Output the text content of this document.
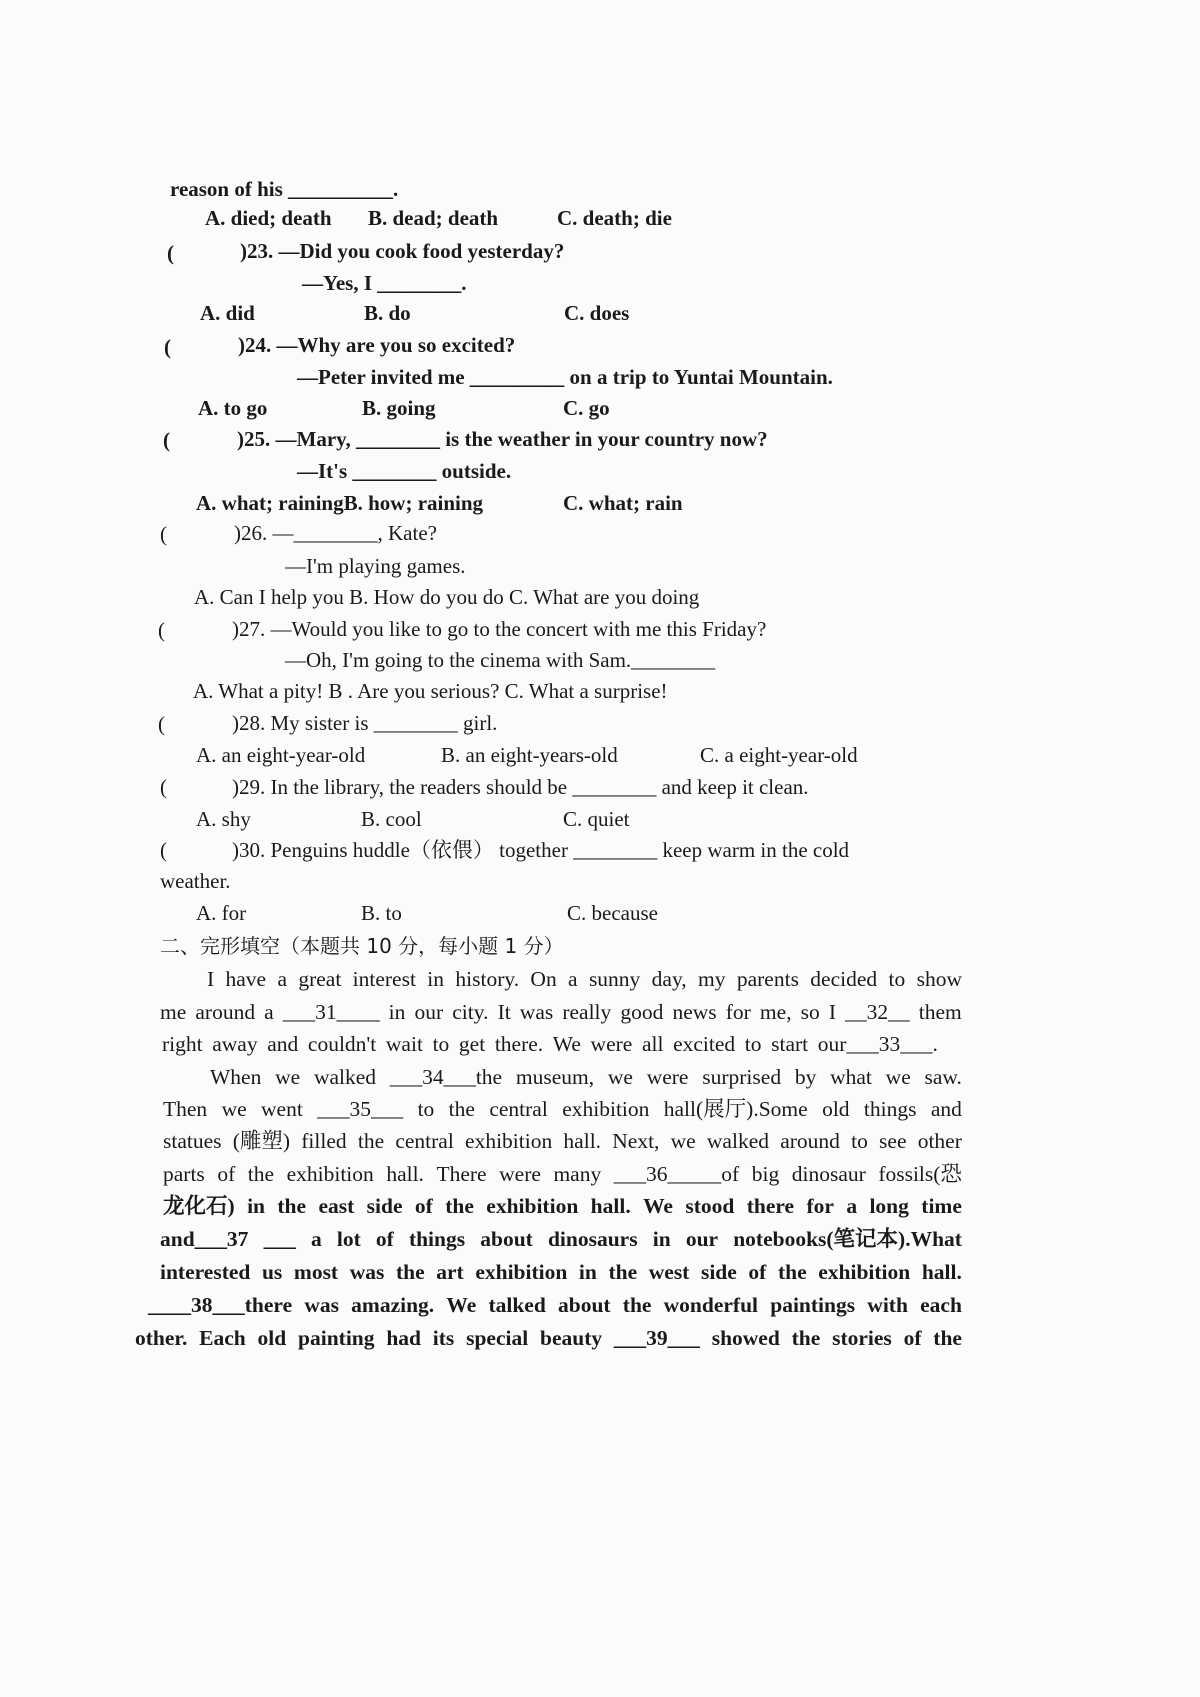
reason of his __________.
A. died; death B. dead; death	C. death; die
(	)23. —Did you cook food yesterday?
—Yes, I ________.
A. did	B. do	C. does
(	)24. —Why are you so excited?
—Peter invited me _________ on a trip to Yuntai Mountain.
A. to go	B. going	C. go
(	)25. —Mary, ________ is the weather in your country now?
—It's ________ outside.
A. what; rainingB. how; raining	C. what; rain
(	)26. —________, Kate?
—I'm playing games.
A. Can I help you B. How do you do C. What are you doing
(	)27. —Would you like to go to the concert with me this Friday?
—Oh, I'm going to the cinema with Sam.________
A. What a pity! B . Are you serious? C. What a surprise!
(	)28. My sister is ________ girl.
A. an eight-year-old	B. an eight-years-old	C. a eight-year-old
(	)29. In the library, the readers should be ________ and keep it clean.
A. shy	B. cool	C. quiet
(	)30. Penguins huddle（依偎） together ________ keep warm in the cold
weather.
A. for	B. to	C. because
二、完形填空（本题共 10 分，每小题 1 分）
I have a great interest in history. On a sunny day, my parents decided to show
me around a ___31____ in our city. It was really good news for me, so I __32__ them
right away and couldn't wait to get there. We were all excited to start our___33___.
When we walked ___34___the museum, we were surprised by what we saw.
Then we went ___35___ to the central exhibition hall(展厅).Some old things and
statues (雕塑) filled the central exhibition hall. Next, we walked around to see other
parts of the exhibition hall. There were many ___36_____of big dinosaur fossils(恐
龙化石) in the east side of the exhibition hall. We stood there for a long time
and___37 ___ a lot of things about dinosaurs in our notebooks(笔记本).What
interested us most was the art exhibition in the west side of the exhibition hall.
____38___there was amazing. We talked about the wonderful paintings with each
other. Each old painting had its special beauty ___39___ showed the stories of the
